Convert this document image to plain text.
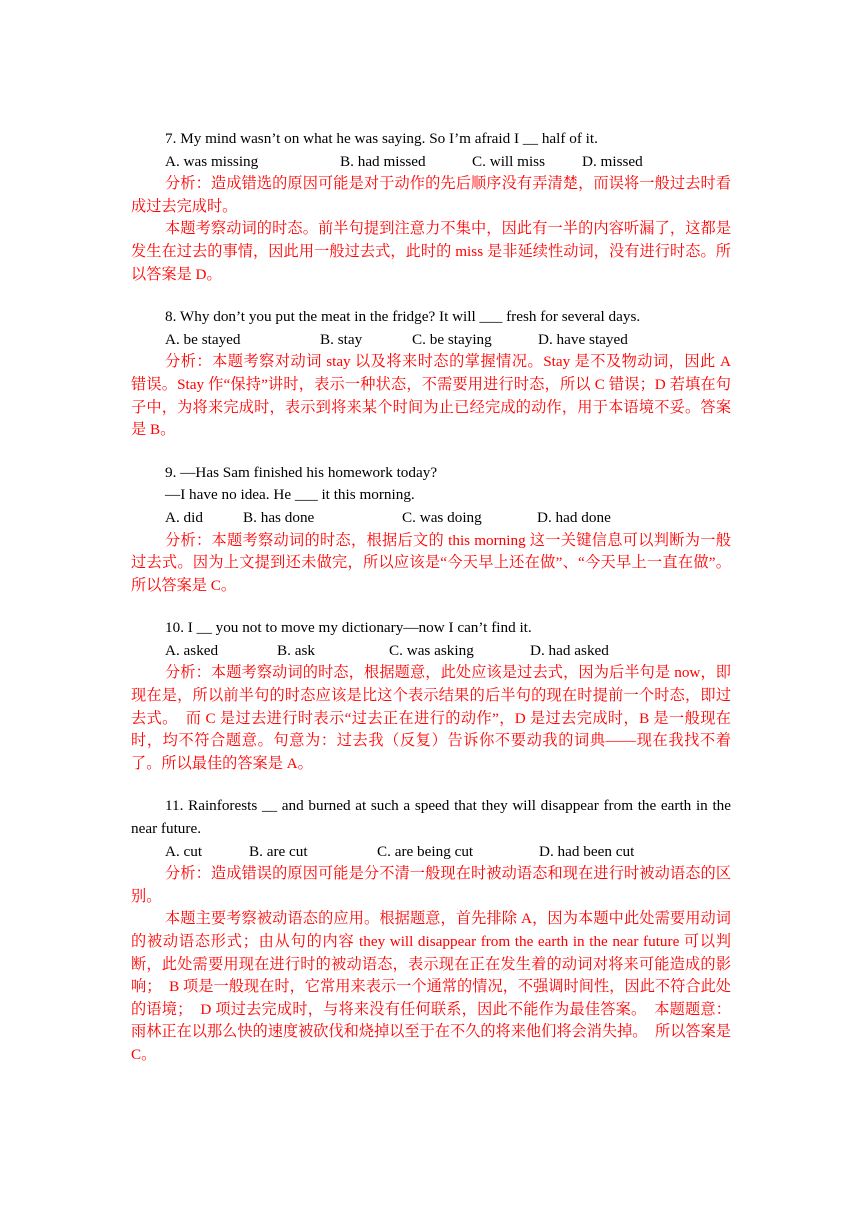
7. My mind wasn’t on what he was saying. So I’m afraid I __ half of it.
A. was missing	B. had missed	C. will miss	D. missed
分析：造成错选的原因可能是对于动作的先后顺序没有弄清楚，而误将一般过去时看成过去完成时。
本题考察动词的时态。前半句提到注意力不集中，因此有一半的内容听漏了，这都是发生在过去的事情，因此用一般过去式，此时的 miss 是非延续性动词，没有进行时态。所以答案是 D。
8. Why don’t you put the meat in the fridge? It will ___ fresh for several days.
A. be stayed	B. stay	C. be staying	D. have stayed
分析：本题考察对动词 stay 以及将来时态的掌握情况。Stay 是不及物动词，因此 A 错误。Stay 作“保持”讲时，表示一种状态，不需要用进行时态，所以 C 错误；D 若填在句子中，为将来完成时，表示到将来某个时间为止已经完成的动作，用于本语境不妥。答案是 B。
9. —Has Sam finished his homework today?
—I have no idea. He ___ it this morning.
A. did	B. has done	C. was doing	D. had done
分析：本题考察动词的时态，根据后文的 this morning 这一关键信息可以判断为一般过去式。因为上文提到还未做完，所以应该是“今天早上还在做”、“今天早上一直在做”。所以答案是 C。
10. I __ you not to move my dictionary—now I can’t find it.
A. asked	B. ask	C. was asking	D. had asked
分析：本题考察动词的时态，根据题意，此处应该是过去式，因为后半句是 now，即现在是，所以前半句的时态应该是比这个表示结果的后半句的现在时提前一个时态，即过去式。　而 C 是过去进行时表示“过去正在进行的动作”，D 是过去完成时，B 是一般现在时，均不符合题意。句意为：过去我（反复）告诉你不要动我的词典——现在我找不着了。所以最佳的答案是 A。
11. Rainforests __ and burned at such a speed that they will disappear from the earth in the near future.
A. cut	B. are cut	C. are being cut	D. had been cut
分析：造成错误的原因可能是分不清一般现在时被动语态和现在进行时被动语态的区别。
本题主要考察被动语态的应用。根据题意，首先排除 A，因为本题中此处需要用动词的被动语态形式；由从句的内容 they will disappear from the earth in the near future 可以判断，此处需要用现在进行时的被动语态，表示现在正在发生着的动词对将来可能造成的影响；　B 项是一般现在时，它常用来表示一个通常的情况，不强调时间性，因此不符合此处的语境；　D 项过去完成时，与将来没有任何联系，因此不能作为最佳答案。　本题题意：雨林正在以那么快的速度被砍伐和烧掉以至于在不久的将来他们将会消失掉。　所以答案是 C。
